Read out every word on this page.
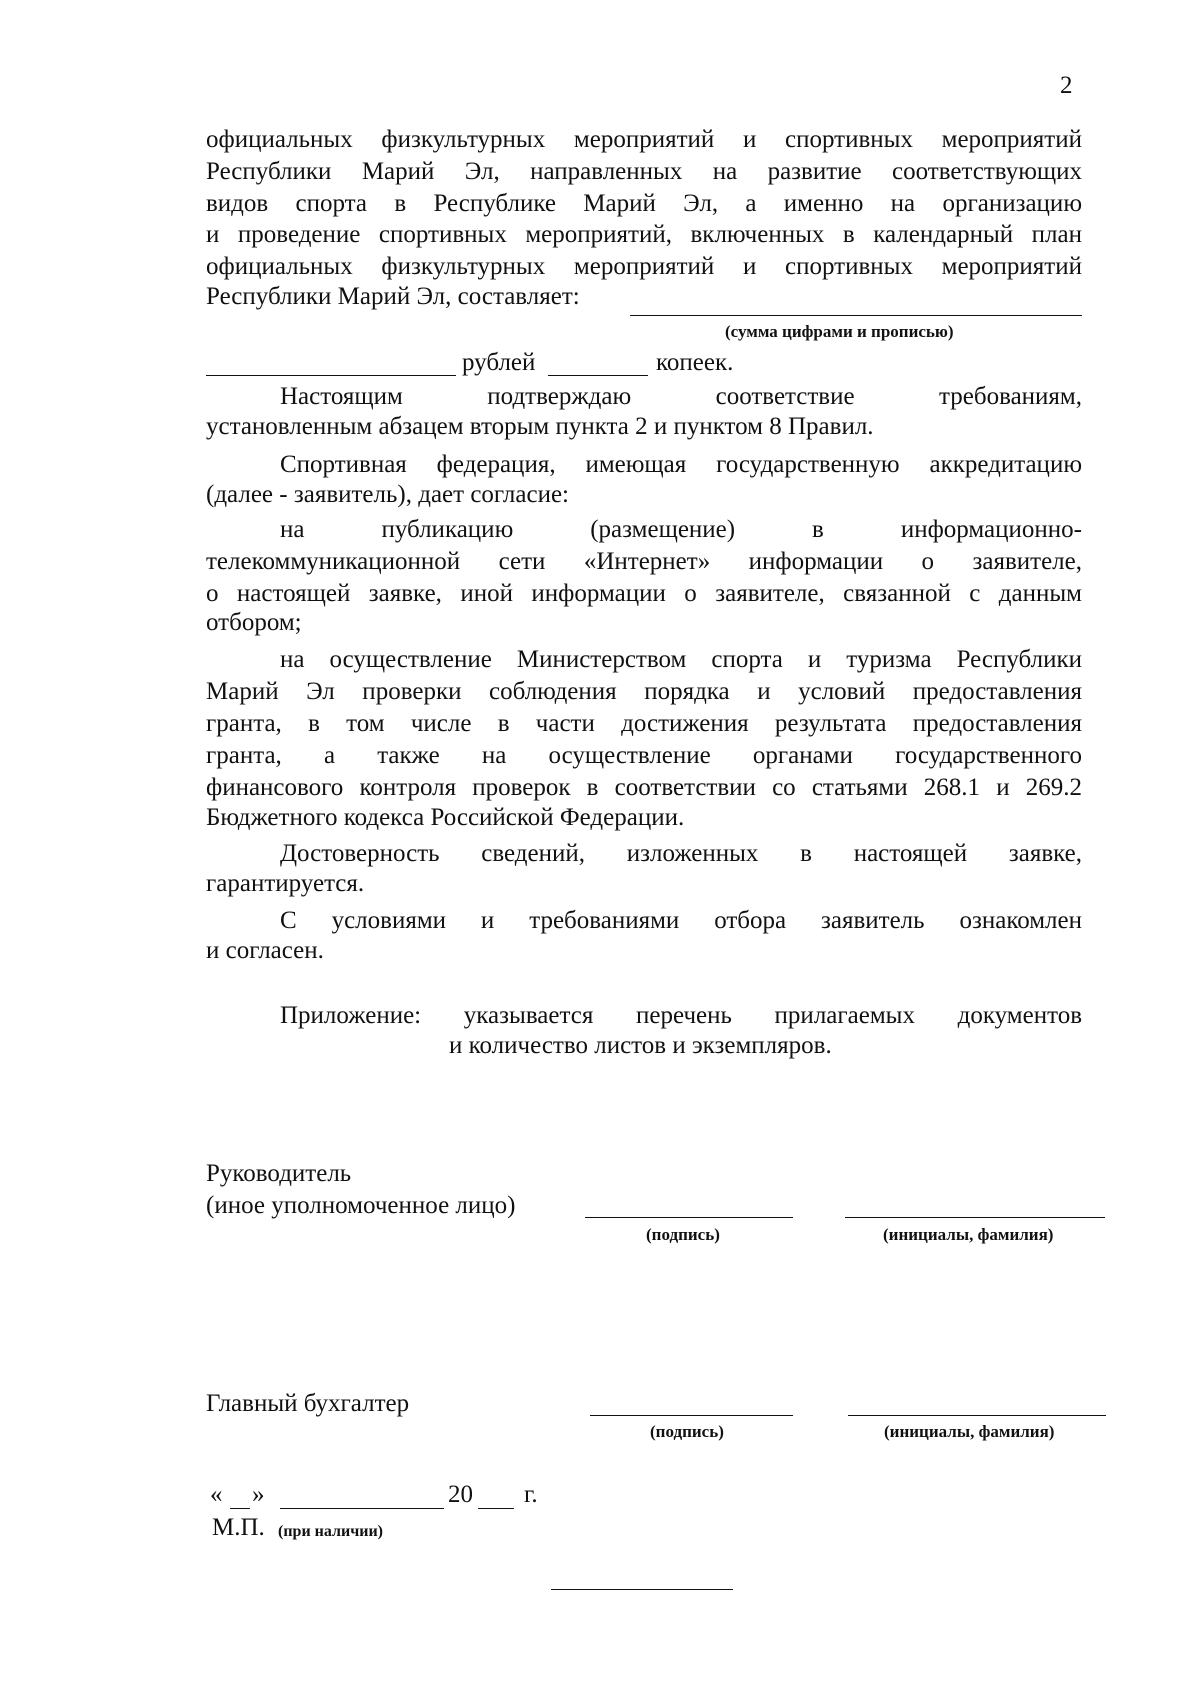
2
официальных физкультурных мероприятий и спортивных мероприятий
Республики Марий Эл, направленных на развитие соответствующих
видов спорта в Республике Марий Эл, а именно на организацию
и проведение спортивных мероприятий, включенных в календарный план
официальных физкультурных мероприятий и спортивных мероприятий
Республики Марий Эл, составляет:
(сумма цифрами и прописью)
рублей	копеек.
Настоящим подтверждаю соответствие требованиям,
установленным абзацем вторым пункта 2 и пунктом 8 Правил.
Спортивная федерация, имеющая государственную аккредитацию
(далее - заявитель), дает согласие:
на публикацию (размещение) в информационно-
телекоммуникационной сети «Интернет» информации о заявителе,
о настоящей заявке, иной информации о заявителе, связанной с данным
отбором;
на осуществление Министерством спорта и туризма Республики
Марий Эл проверки соблюдения порядка и условий предоставления
гранта, в том числе в части достижения результата предоставления
гранта, а также на осуществление органами государственного
финансового контроля проверок в соответствии со статьями 268.1 и 269.2
Бюджетного кодекса Российской Федерации.
Достоверность сведений, изложенных в настоящей заявке,
гарантируется.
С условиями и требованиями отбора заявитель ознакомлен
и согласен.
Приложение: указывается перечень прилагаемых документов
и количество листов и экземпляров.
Руководитель
(иное уполномоченное лицо)
(подпись)	(инициалы, фамилия)
Главный бухгалтер
(подпись)	(инициалы, фамилия)
« »	20 г.
М.П. (при наличии)
